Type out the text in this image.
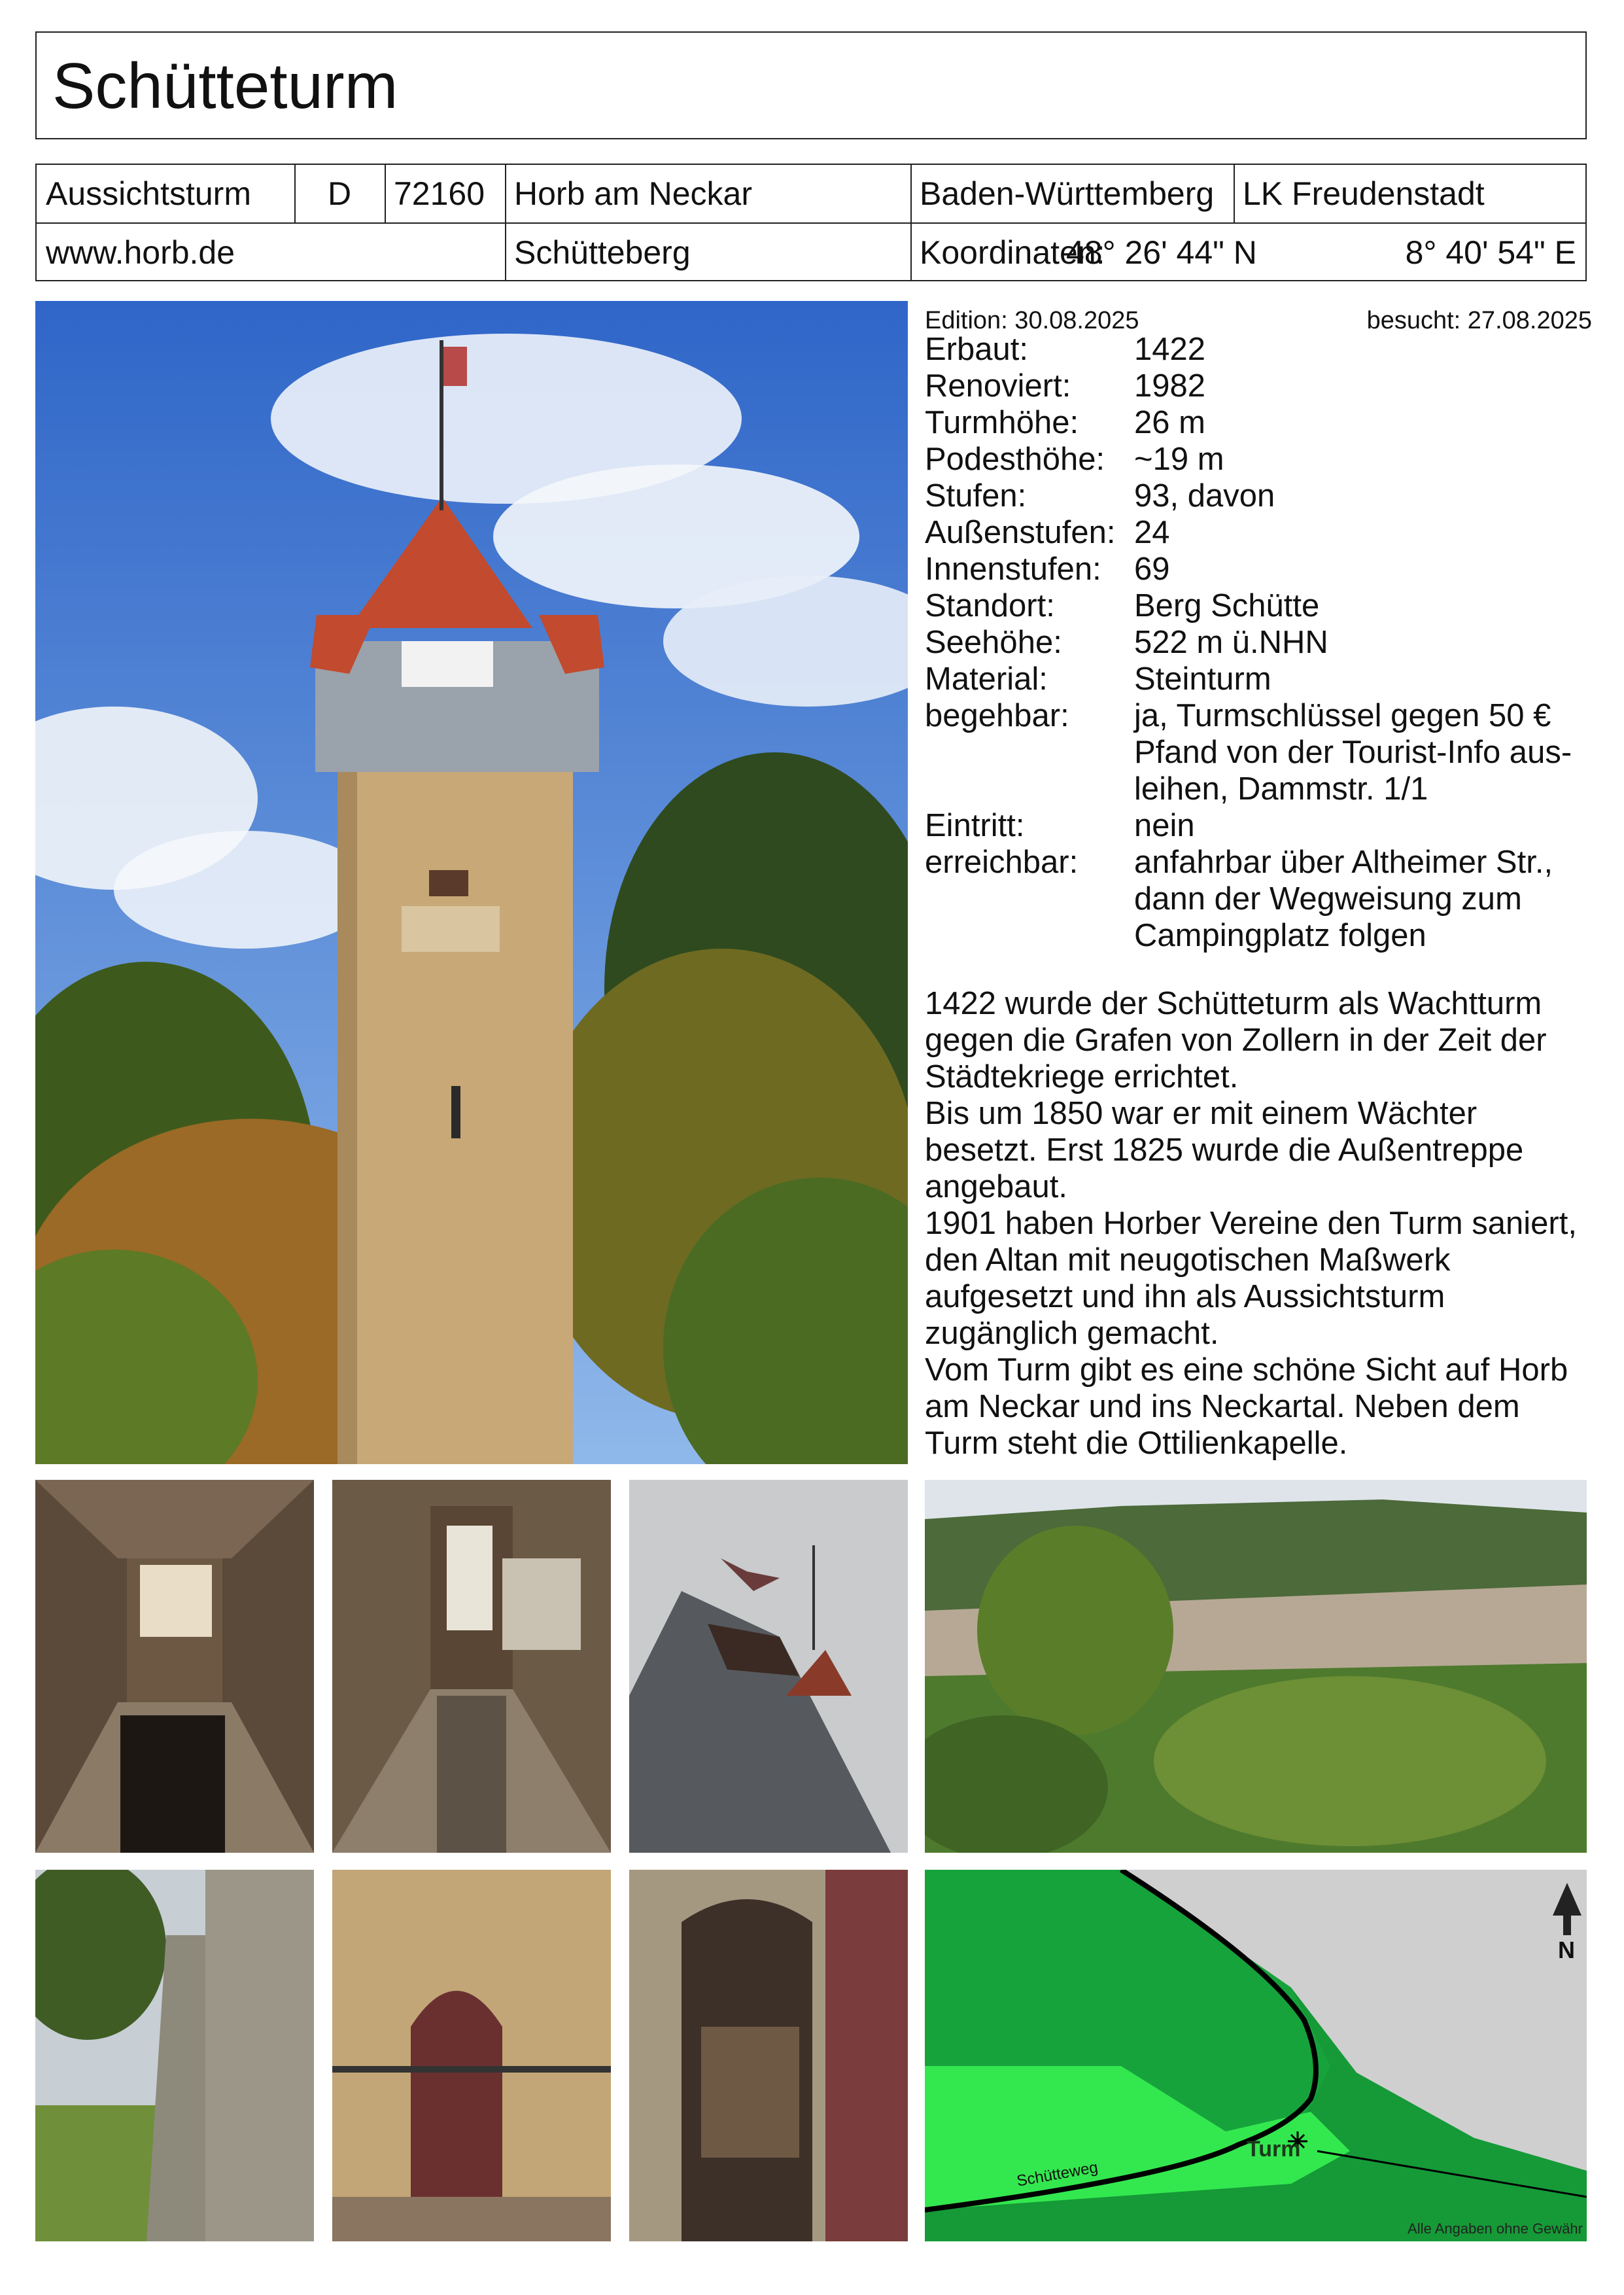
Schütteturm
Aussichtsturm	D	72160 Horb am Neckar	Baden-Württemberg LK Freudenstadt
www.horb.de	Schütteberg	Koordinaten:
48° 26' 44" N	8° 40' 54" E
Schütteweg
Turm
N
Alle Angaben ohne Gewähr
Edition: 30.08.2025	besucht: 27.08.2025
Erbaut:	1422
Renoviert:	1982
Turmhöhe:	26 m
Podesthöhe: ~19 m
Stufen:	93, davon
Außenstufen: 24
Innenstufen:	69
Standort:	Berg Schütte
Seehöhe:	522 m ü.NHN
Material:	Steinturm
begehbar:	ja, Turmschlüssel gegen 50 € Pfand von der Tourist-Info aus-leihen, Dammstr. 1/1
Eintritt:	nein
erreichbar:	anfahrbar über Altheimer Str., dann der Wegweisung zum Campingplatz folgen

1422 wurde der Schütteturm als Wachtturm gegen die Grafen von Zollern in der Zeit der Städtekriege errichtet.

Bis um 1850 war er mit einem Wächter besetzt. Erst 1825 wurde die Außentreppe angebaut.

1901 haben Horber Vereine den Turm saniert, den Altan mit neugotischen Maßwerk aufgesetzt und ihn als Aussichtsturm zugänglich gemacht.

Vom Turm gibt es eine schöne Sicht auf Horb am Neckar und ins Neckartal. Neben dem Turm steht die Ottilienkapelle.
